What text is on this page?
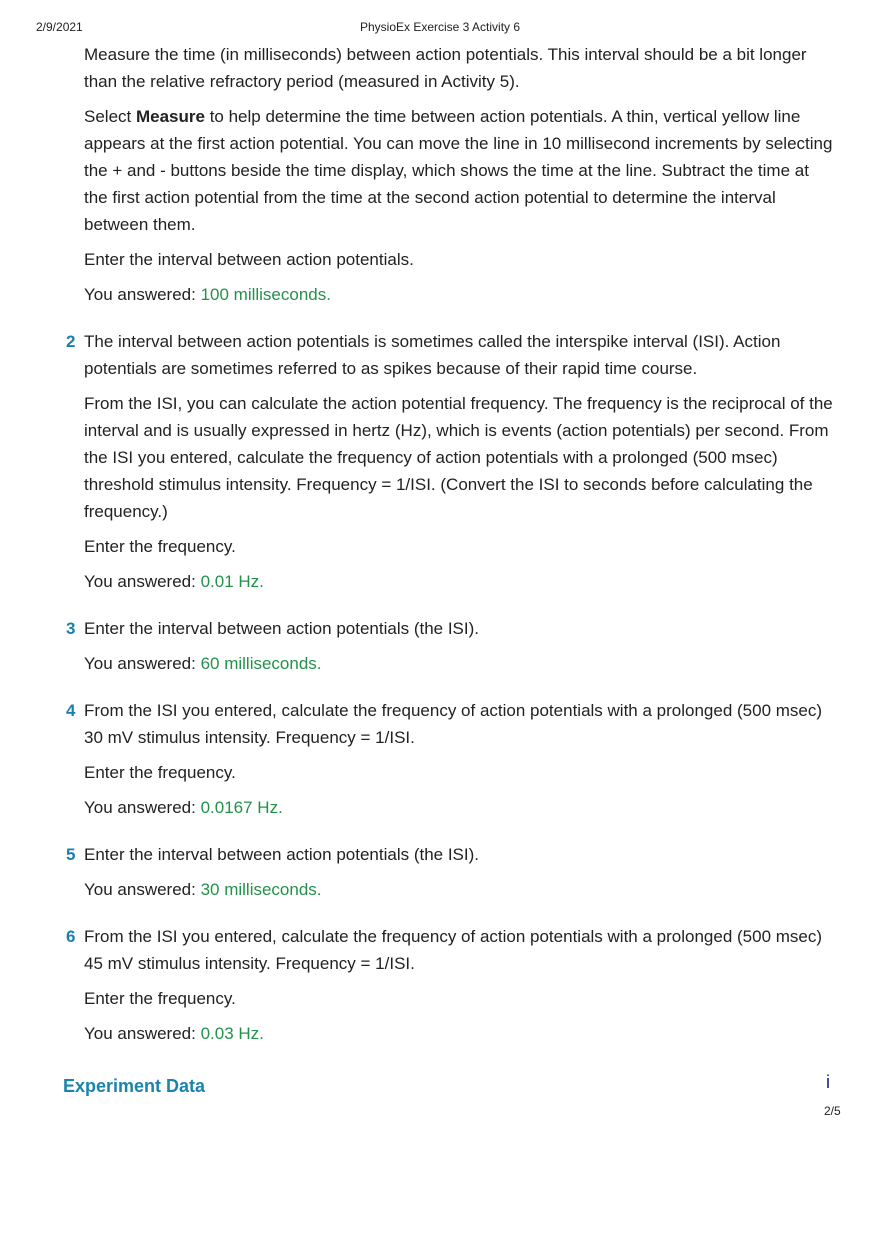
2/9/2021	PhysioEx Exercise 3 Activity 6

Measure the time (in milliseconds) between action potentials. This interval should be a bit longer than the relative refractory period (measured in Activity 5).

Select Measure to help determine the time between action potentials. A thin, vertical yellow line appears at the first action potential. You can move the line in 10 millisecond increments by selecting the + and - buttons beside the time display, which shows the time at the line. Subtract the time at the first action potential from the time at the second action potential to determine the interval between them.

Enter the interval between action potentials.

You answered: 100 milliseconds.

2 The interval between action potentials is sometimes called the interspike interval (ISI). Action potentials are sometimes referred to as spikes because of their rapid time course.

From the ISI, you can calculate the action potential frequency. The frequency is the reciprocal of the interval and is usually expressed in hertz (Hz), which is events (action potentials) per second. From the ISI you entered, calculate the frequency of action potentials with a prolonged (500 msec) threshold stimulus intensity. Frequency = 1/ISI. (Convert the ISI to seconds before calculating the frequency.)

Enter the frequency.

You answered: 0.01 Hz.

3 Enter the interval between action potentials (the ISI).

You answered: 60 milliseconds.

4 From the ISI you entered, calculate the frequency of action potentials with a prolonged (500 msec) 30 mV stimulus intensity. Frequency = 1/ISI.

Enter the frequency.

You answered: 0.0167 Hz.

5 Enter the interval between action potentials (the ISI).

You answered: 30 milliseconds.

6 From the ISI you entered, calculate the frequency of action potentials with a prolonged (500 msec) 45 mV stimulus intensity. Frequency = 1/ISI.

Enter the frequency.

You answered: 0.03 Hz.

Experiment Data	i
2/5
